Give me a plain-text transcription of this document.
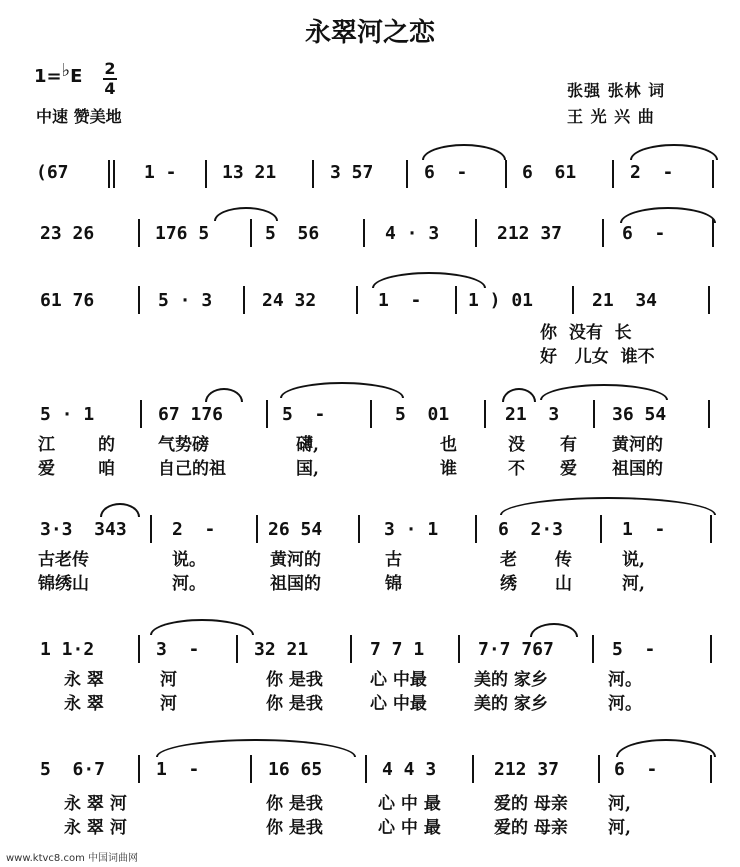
永翠河之恋
1=♭E 2
4
中速 赞美地
张强 张林 词
王 光 兴 曲
(67	1 -	13 21	3 57	6  -	6  61	2  -
23 26	176 5	5  56	4 · 3	212 37	6  -
61 76	5 · 3	24 32	1  -	1 ) 01	21  34
你  没有  长
好   儿女  谁不
5 · 1	67 176	5  -	5  01	21  3	36 54
江	的	气势磅	礴,	也	没 有 黄河的
爱	咱	自己的祖	国,	谁	不 爱 祖国的
3·3  343	2  -	26 54	3 · 1	6  2·3	1  -
古老传	说。	黄河的	古	老 传	说,
锦绣山	河。	祖国的	锦	绣 山	河,
1 1·2	3  -	32 21	7 7 1	7·7 767	5  -
永 翠	河	你 是我	心 中最	美的 家乡	河。
永 翠	河	你 是我	心 中最	美的 家乡	河。
5  6·7	1  -	16 65	4 4 3	212 37	6  -
永 翠 河	你 是我	心 中 最	爱的 母亲 河,
永 翠 河	你 是我	心 中 最	爱的 母亲 河,
www.ktvc8.com 中国词曲网
